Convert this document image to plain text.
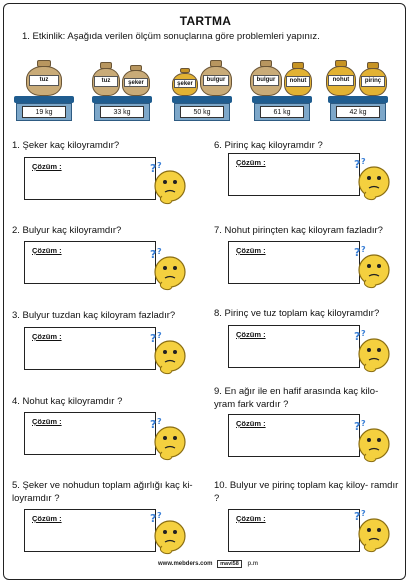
TARTMA
1. Etkinlik: Aşağıda verilen ölçüm sonuçlarına göre problemleri yapınız.
tuz
19 kg
tuz	şeker
33 kg
şeker
bulgur
50 kg
bulgur	nohut
61 kg
nohut	pirinç
42 kg
1. Şeker kaç kiloyramdır?
Çözüm :
2. Bulyur kaç kiloyramdır?
Çözüm :
3. Bulyur tuzdan kaç kiloyram fazladır?
Çözüm :
4. Nohut kaç kiloyramdır ?
Çözüm :
5. Şeker ve nohudun toplam ağırlığı kaç ki- loyramdır ?
Çözüm :
6. Pirinç kaç kiloyramdır ?
Çözüm :
7. Nohut pirinçten kaç kiloyram fazladır?
Çözüm :
8. Pirinç ve tuz toplam kaç kiloyramdır?
Çözüm :
9. En ağır ile en hafif arasında kaç kilo- yram fark vardır ?
Çözüm :
10. Bulyur ve pirinç toplam kaç kiloy- ramdır ?
Çözüm :
? ?
? ?
? ?
? ?
? ?
? ?
? ?
? ?
? ?
? ?
www.mebders.com mavi58 p.m
